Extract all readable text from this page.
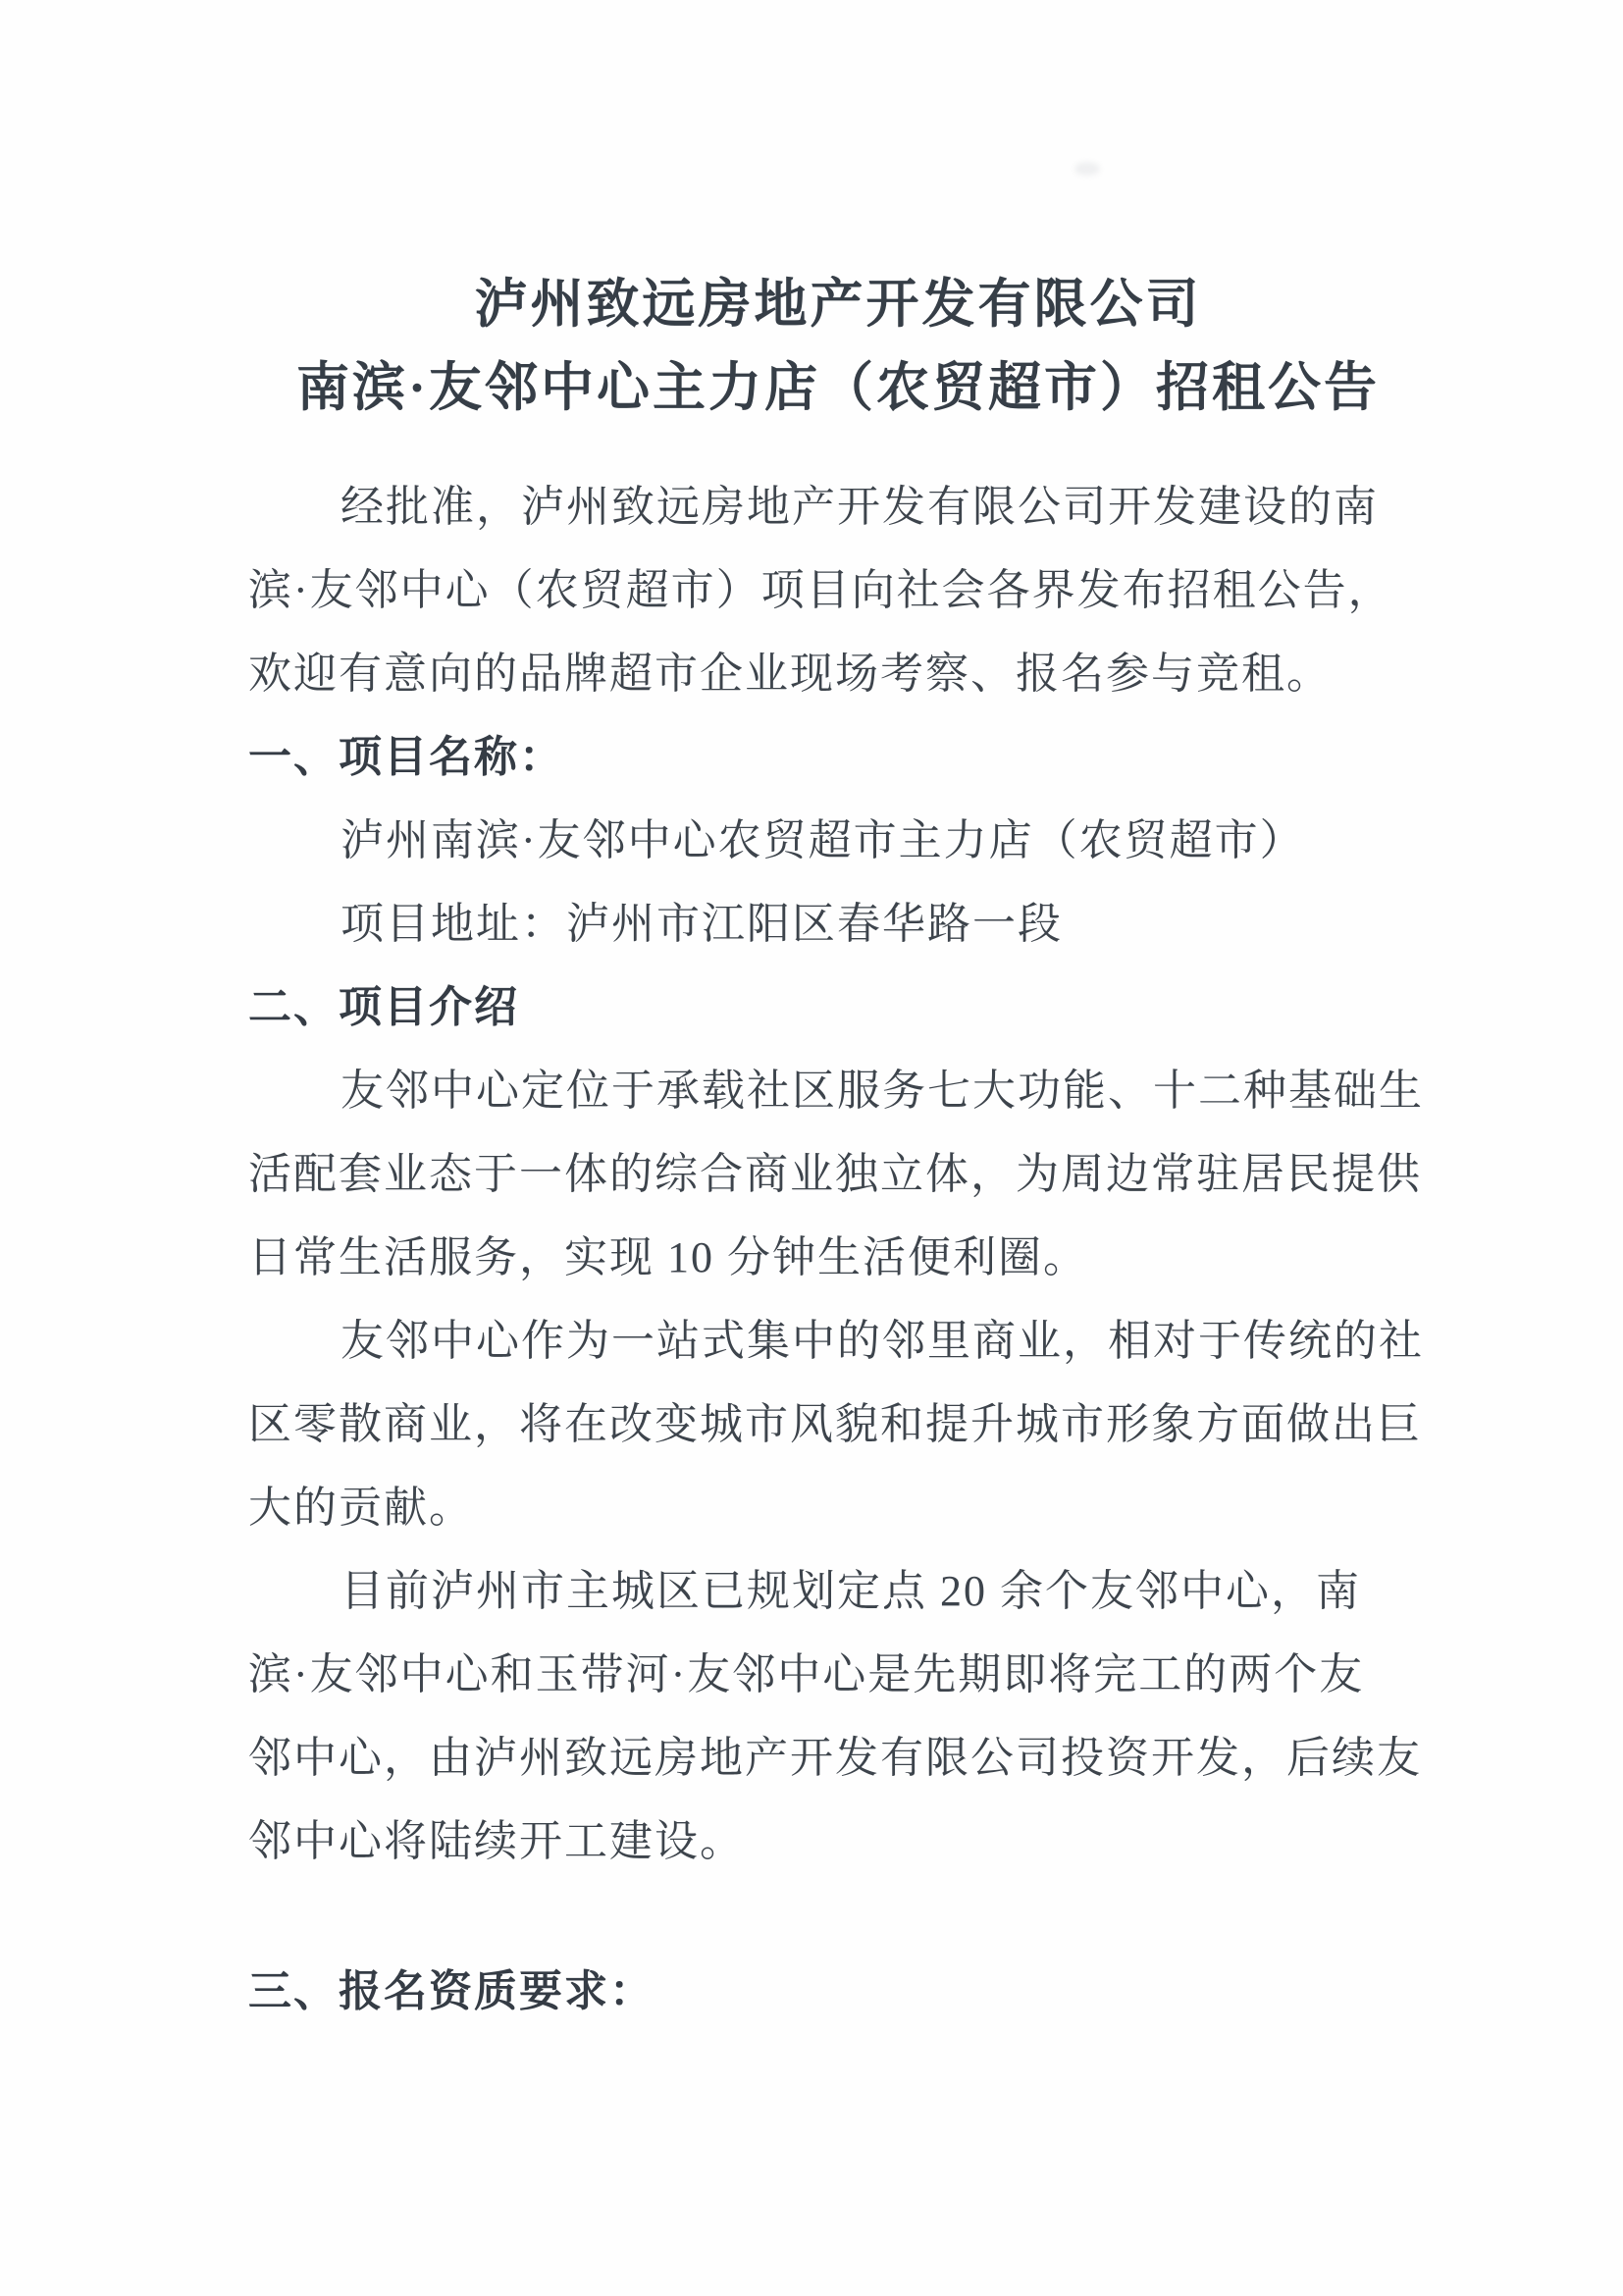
泸州致远房地产开发有限公司
南滨·友邻中心主力店（农贸超市）招租公告
经批准，泸州致远房地产开发有限公司开发建设的南
滨·友邻中心（农贸超市）项目向社会各界发布招租公告，
欢迎有意向的品牌超市企业现场考察、报名参与竞租。
一、项目名称：
泸州南滨·友邻中心农贸超市主力店（农贸超市）
项目地址：泸州市江阳区春华路一段
二、项目介绍
友邻中心定位于承载社区服务七大功能、十二种基础生
活配套业态于一体的综合商业独立体，为周边常驻居民提供
日常生活服务，实现 10 分钟生活便利圈。
友邻中心作为一站式集中的邻里商业，相对于传统的社
区零散商业，将在改变城市风貌和提升城市形象方面做出巨
大的贡献。
目前泸州市主城区已规划定点 20 余个友邻中心，南
滨·友邻中心和玉带河·友邻中心是先期即将完工的两个友
邻中心，由泸州致远房地产开发有限公司投资开发，后续友
邻中心将陆续开工建设。
三、报名资质要求：
